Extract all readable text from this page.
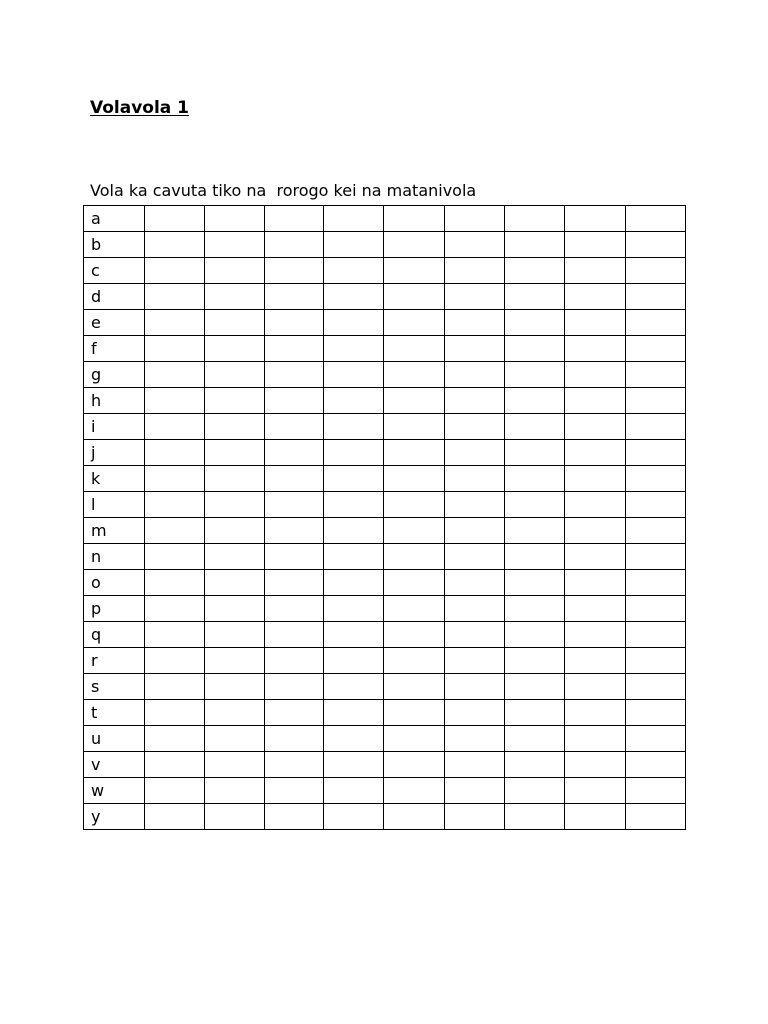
Volavola 1
Vola ka cavuta tiko na  rorogo kei na matanivola
a									
b									
c									
d									
e									
f									
g									
h									
i									
j									
k									
l									
m									
n									
o									
p									
q									
r									
s									
t									
u									
v									
w									
y									
